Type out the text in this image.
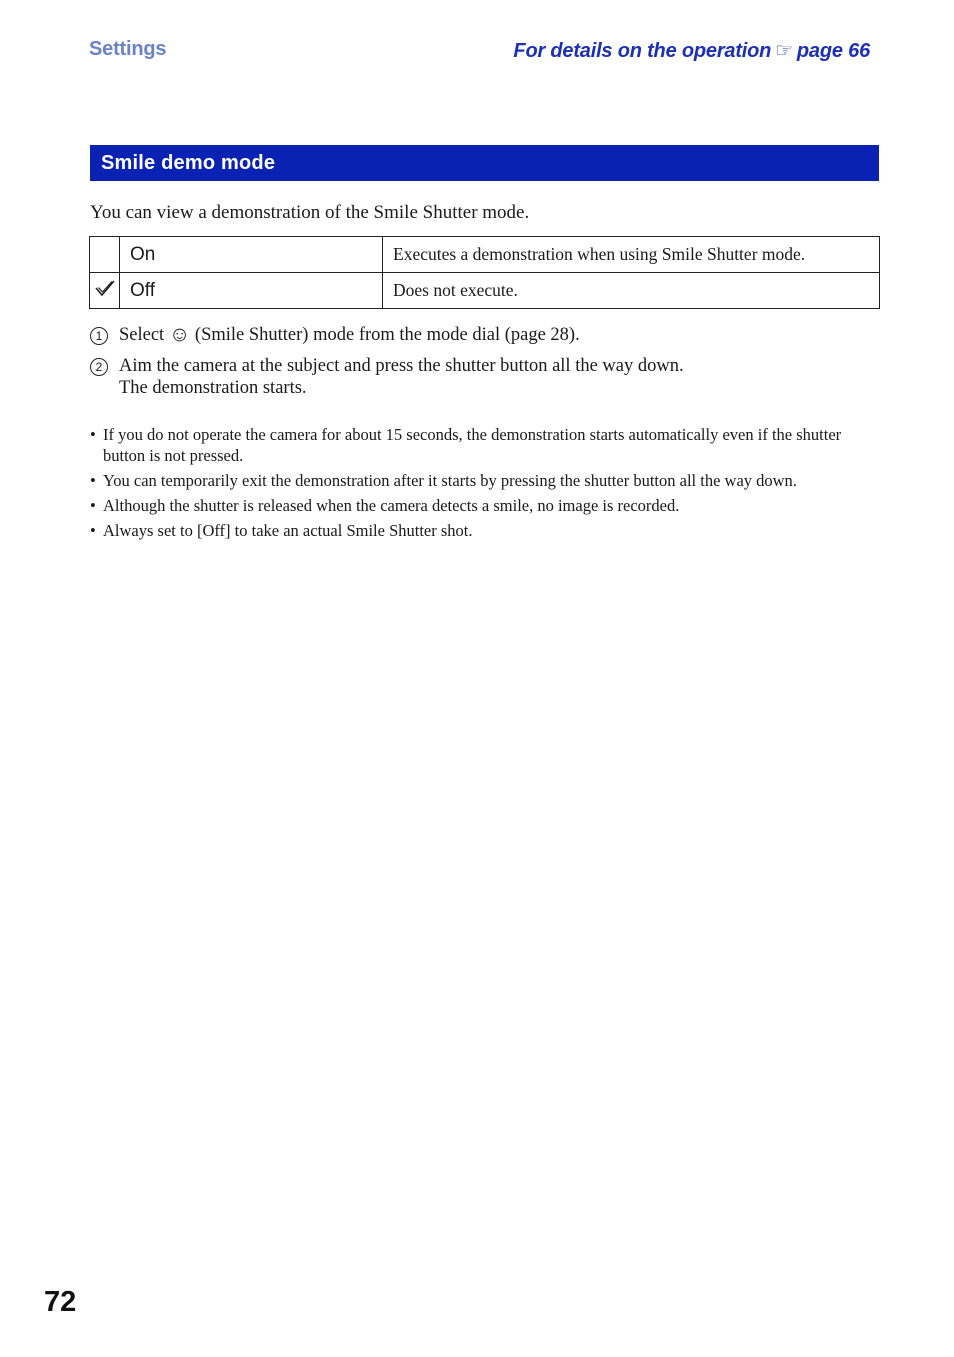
Settings	For details on the operation ☞ page 66
Smile demo mode
You can view a demonstration of the Smile Shutter mode.
	On	Executes a demonstration when using Smile Shutter mode.
	Off	Does not execute.
1 Select ☺ (Smile Shutter) mode from the mode dial (page 28).
2 Aim the camera at the subject and press the shutter button all the way down.
The demonstration starts.
• If you do not operate the camera for about 15 seconds, the demonstration starts automatically even if the shutter button is not pressed.
• You can temporarily exit the demonstration after it starts by pressing the shutter button all the way down.
• Although the shutter is released when the camera detects a smile, no image is recorded.
• Always set to [Off] to take an actual Smile Shutter shot.
72
